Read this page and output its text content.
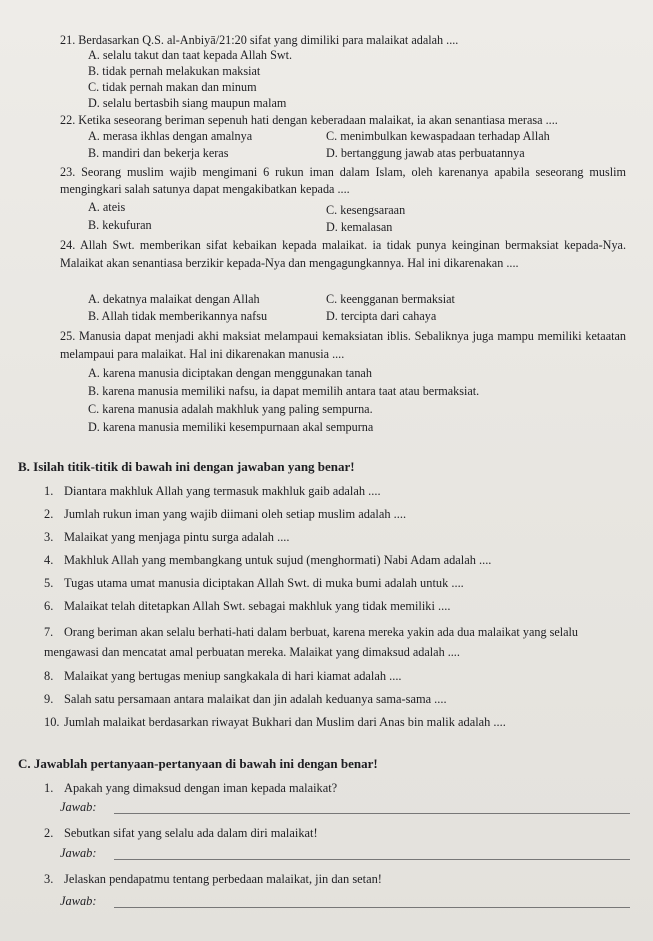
21. Berdasarkan Q.S. al-Anbiyā/21:20 sifat yang dimiliki para malaikat adalah ....
A. selalu takut dan taat kepada Allah Swt.
B. tidak pernah melakukan maksiat
C. tidak pernah makan dan minum
D. selalu bertasbih siang maupun malam
22. Ketika seseorang beriman sepenuh hati dengan keberadaan malaikat, ia akan senantiasa merasa ....
A. merasa ikhlas dengan amalnya	C. menimbulkan kewaspadaan terhadap Allah
B. mandiri dan bekerja keras	D. bertanggung jawab atas perbuatannya
23. Seorang muslim wajib mengimani 6 rukun iman dalam Islam, oleh karenanya apabila seseorang muslim mengingkari salah satunya dapat mengakibatkan kepada ....
A. ateis	C. kesengsaraan
B. kekufuran	D. kemalasan
24. Allah Swt. memberikan sifat kebaikan kepada malaikat. ia tidak punya keinginan bermaksiat kepada-Nya. Malaikat akan senantiasa berzikir kepada-Nya dan mengagungkannya. Hal ini dikarenakan ....
A. dekatnya malaikat dengan Allah	C. keengganan bermaksiat
B. Allah tidak memberikannya nafsu	D. tercipta dari cahaya
25. Manusia dapat menjadi akhi maksiat melampaui kemaksiatan iblis. Sebaliknya juga mampu memiliki ketaatan melampaui para malaikat. Hal ini dikarenakan manusia ....
A. karena manusia diciptakan dengan menggunakan tanah
B. karena manusia memiliki nafsu, ia dapat memilih antara taat atau bermaksiat.
C. karena manusia adalah makhluk yang paling sempurna.
D. karena manusia memiliki kesempurnaan akal sempurna
B. Isilah titik-titik di bawah ini dengan jawaban yang benar!
1. Diantara makhluk Allah yang termasuk makhluk gaib adalah ....
2. Jumlah rukun iman yang wajib diimani oleh setiap muslim adalah ....
3. Malaikat yang menjaga pintu surga adalah ....
4. Makhluk Allah yang membangkang untuk sujud (menghormati) Nabi Adam adalah ....
5. Tugas utama umat manusia diciptakan Allah Swt. di muka bumi adalah untuk ....
6. Malaikat telah ditetapkan Allah Swt. sebagai makhluk yang tidak memiliki ....
7. Orang beriman akan selalu berhati-hati dalam berbuat, karena mereka yakin ada dua malaikat yang selalu mengawasi dan mencatat amal perbuatan mereka. Malaikat yang dimaksud adalah ....
8. Malaikat yang bertugas meniup sangkakala di hari kiamat adalah ....
9. Salah satu persamaan antara malaikat dan jin adalah keduanya sama-sama ....
10. Jumlah malaikat berdasarkan riwayat Bukhari dan Muslim dari Anas bin malik adalah ....
C. Jawablah pertanyaan-pertanyaan di bawah ini dengan benar!
1. Apakah yang dimaksud dengan iman kepada malaikat?
Jawab:
2. Sebutkan sifat yang selalu ada dalam diri malaikat!
Jawab:
3. Jelaskan pendapatmu tentang perbedaan malaikat, jin dan setan!
Jawab:
